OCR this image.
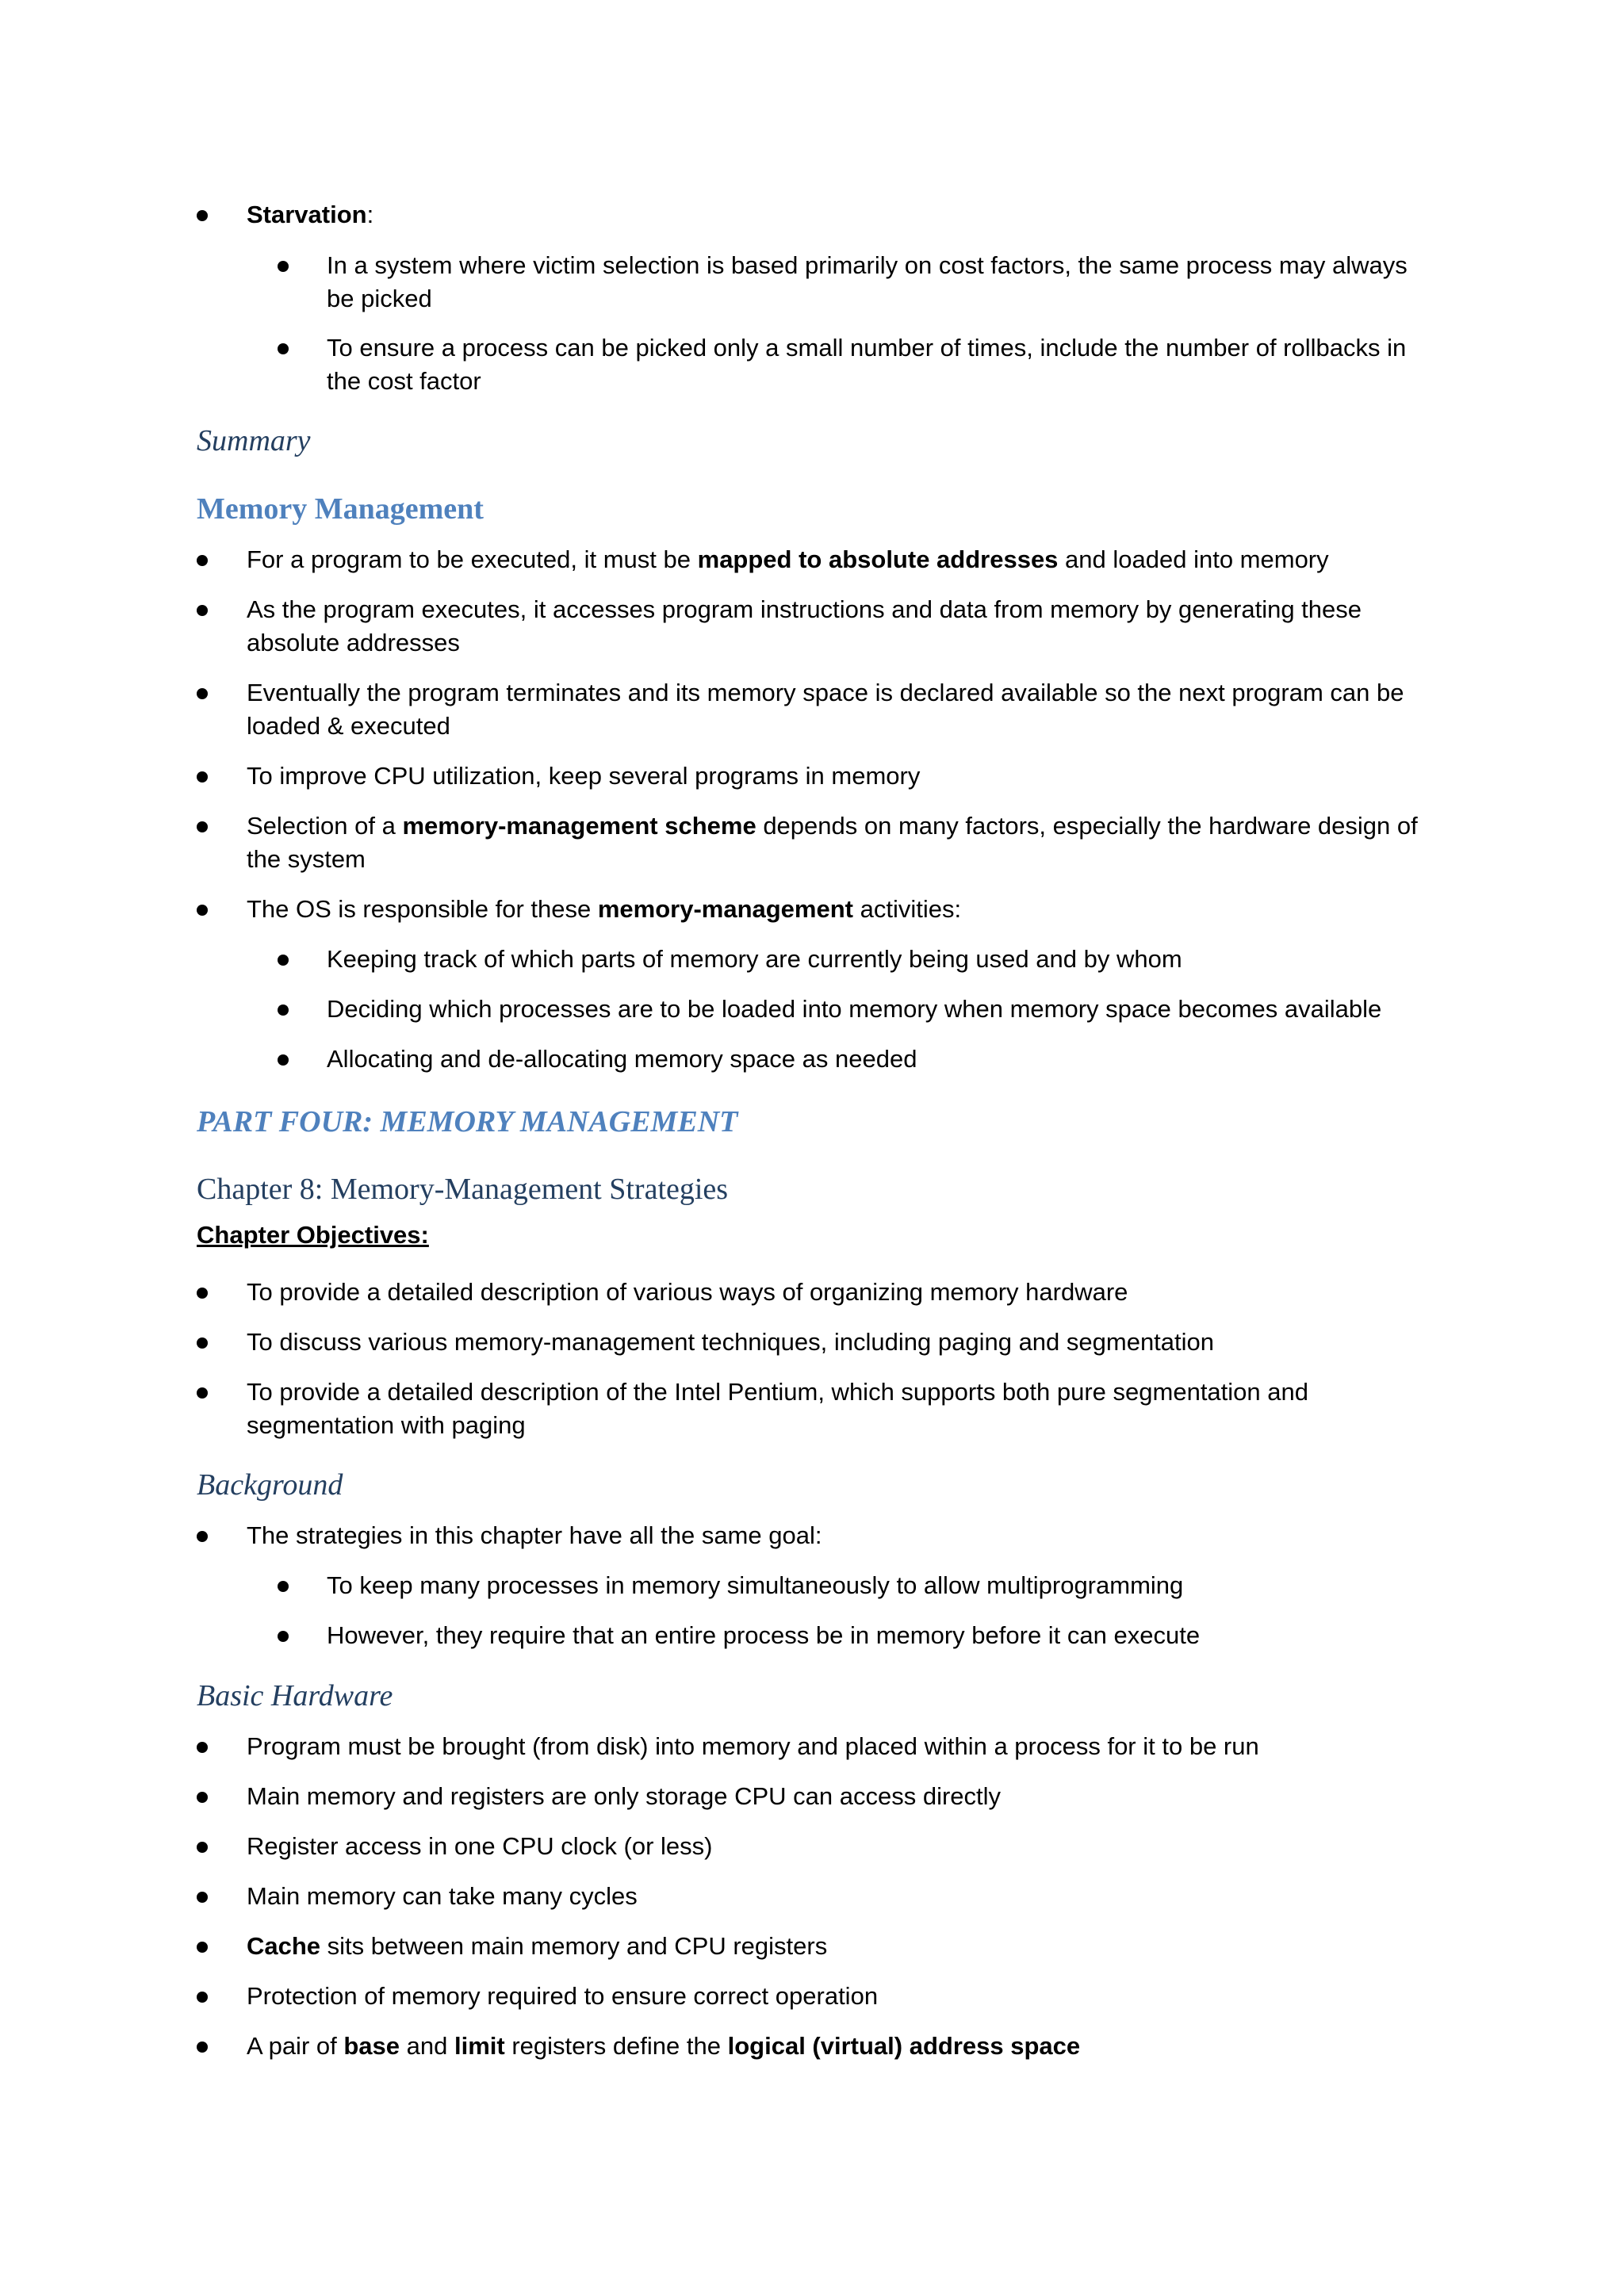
Starvation:
In a system where victim selection is based primarily on cost factors, the same process may always be picked
To ensure a process can be picked only a small number of times, include the number of rollbacks in the cost factor
Summary
Memory Management
For a program to be executed, it must be mapped to absolute addresses and loaded into memory
As the program executes, it accesses program instructions and data from memory by generating these absolute addresses
Eventually the program terminates and its memory space is declared available so the next program can be loaded & executed
To improve CPU utilization, keep several programs in memory
Selection of a memory-management scheme depends on many factors, especially the hardware design of the system
The OS is responsible for these memory-management activities:
Keeping track of which parts of memory are currently being used and by whom
Deciding which processes are to be loaded into memory when memory space becomes available
Allocating and de-allocating memory space as needed
PART FOUR: MEMORY MANAGEMENT
Chapter 8: Memory-Management Strategies
Chapter Objectives:
To provide a detailed description of various ways of organizing memory hardware
To discuss various memory-management techniques, including paging and segmentation
To provide a detailed description of the Intel Pentium, which supports both pure segmentation and segmentation with paging
Background
The strategies in this chapter have all the same goal:
To keep many processes in memory simultaneously to allow multiprogramming
However, they require that an entire process be in memory before it can execute
Basic Hardware
Program must be brought (from disk) into memory and placed within a process for it to be run
Main memory and registers are only storage CPU can access directly
Register access in one CPU clock (or less)
Main memory can take many cycles
Cache sits between main memory and CPU registers
Protection of memory required to ensure correct operation
A pair of base and limit registers define the logical (virtual) address space
